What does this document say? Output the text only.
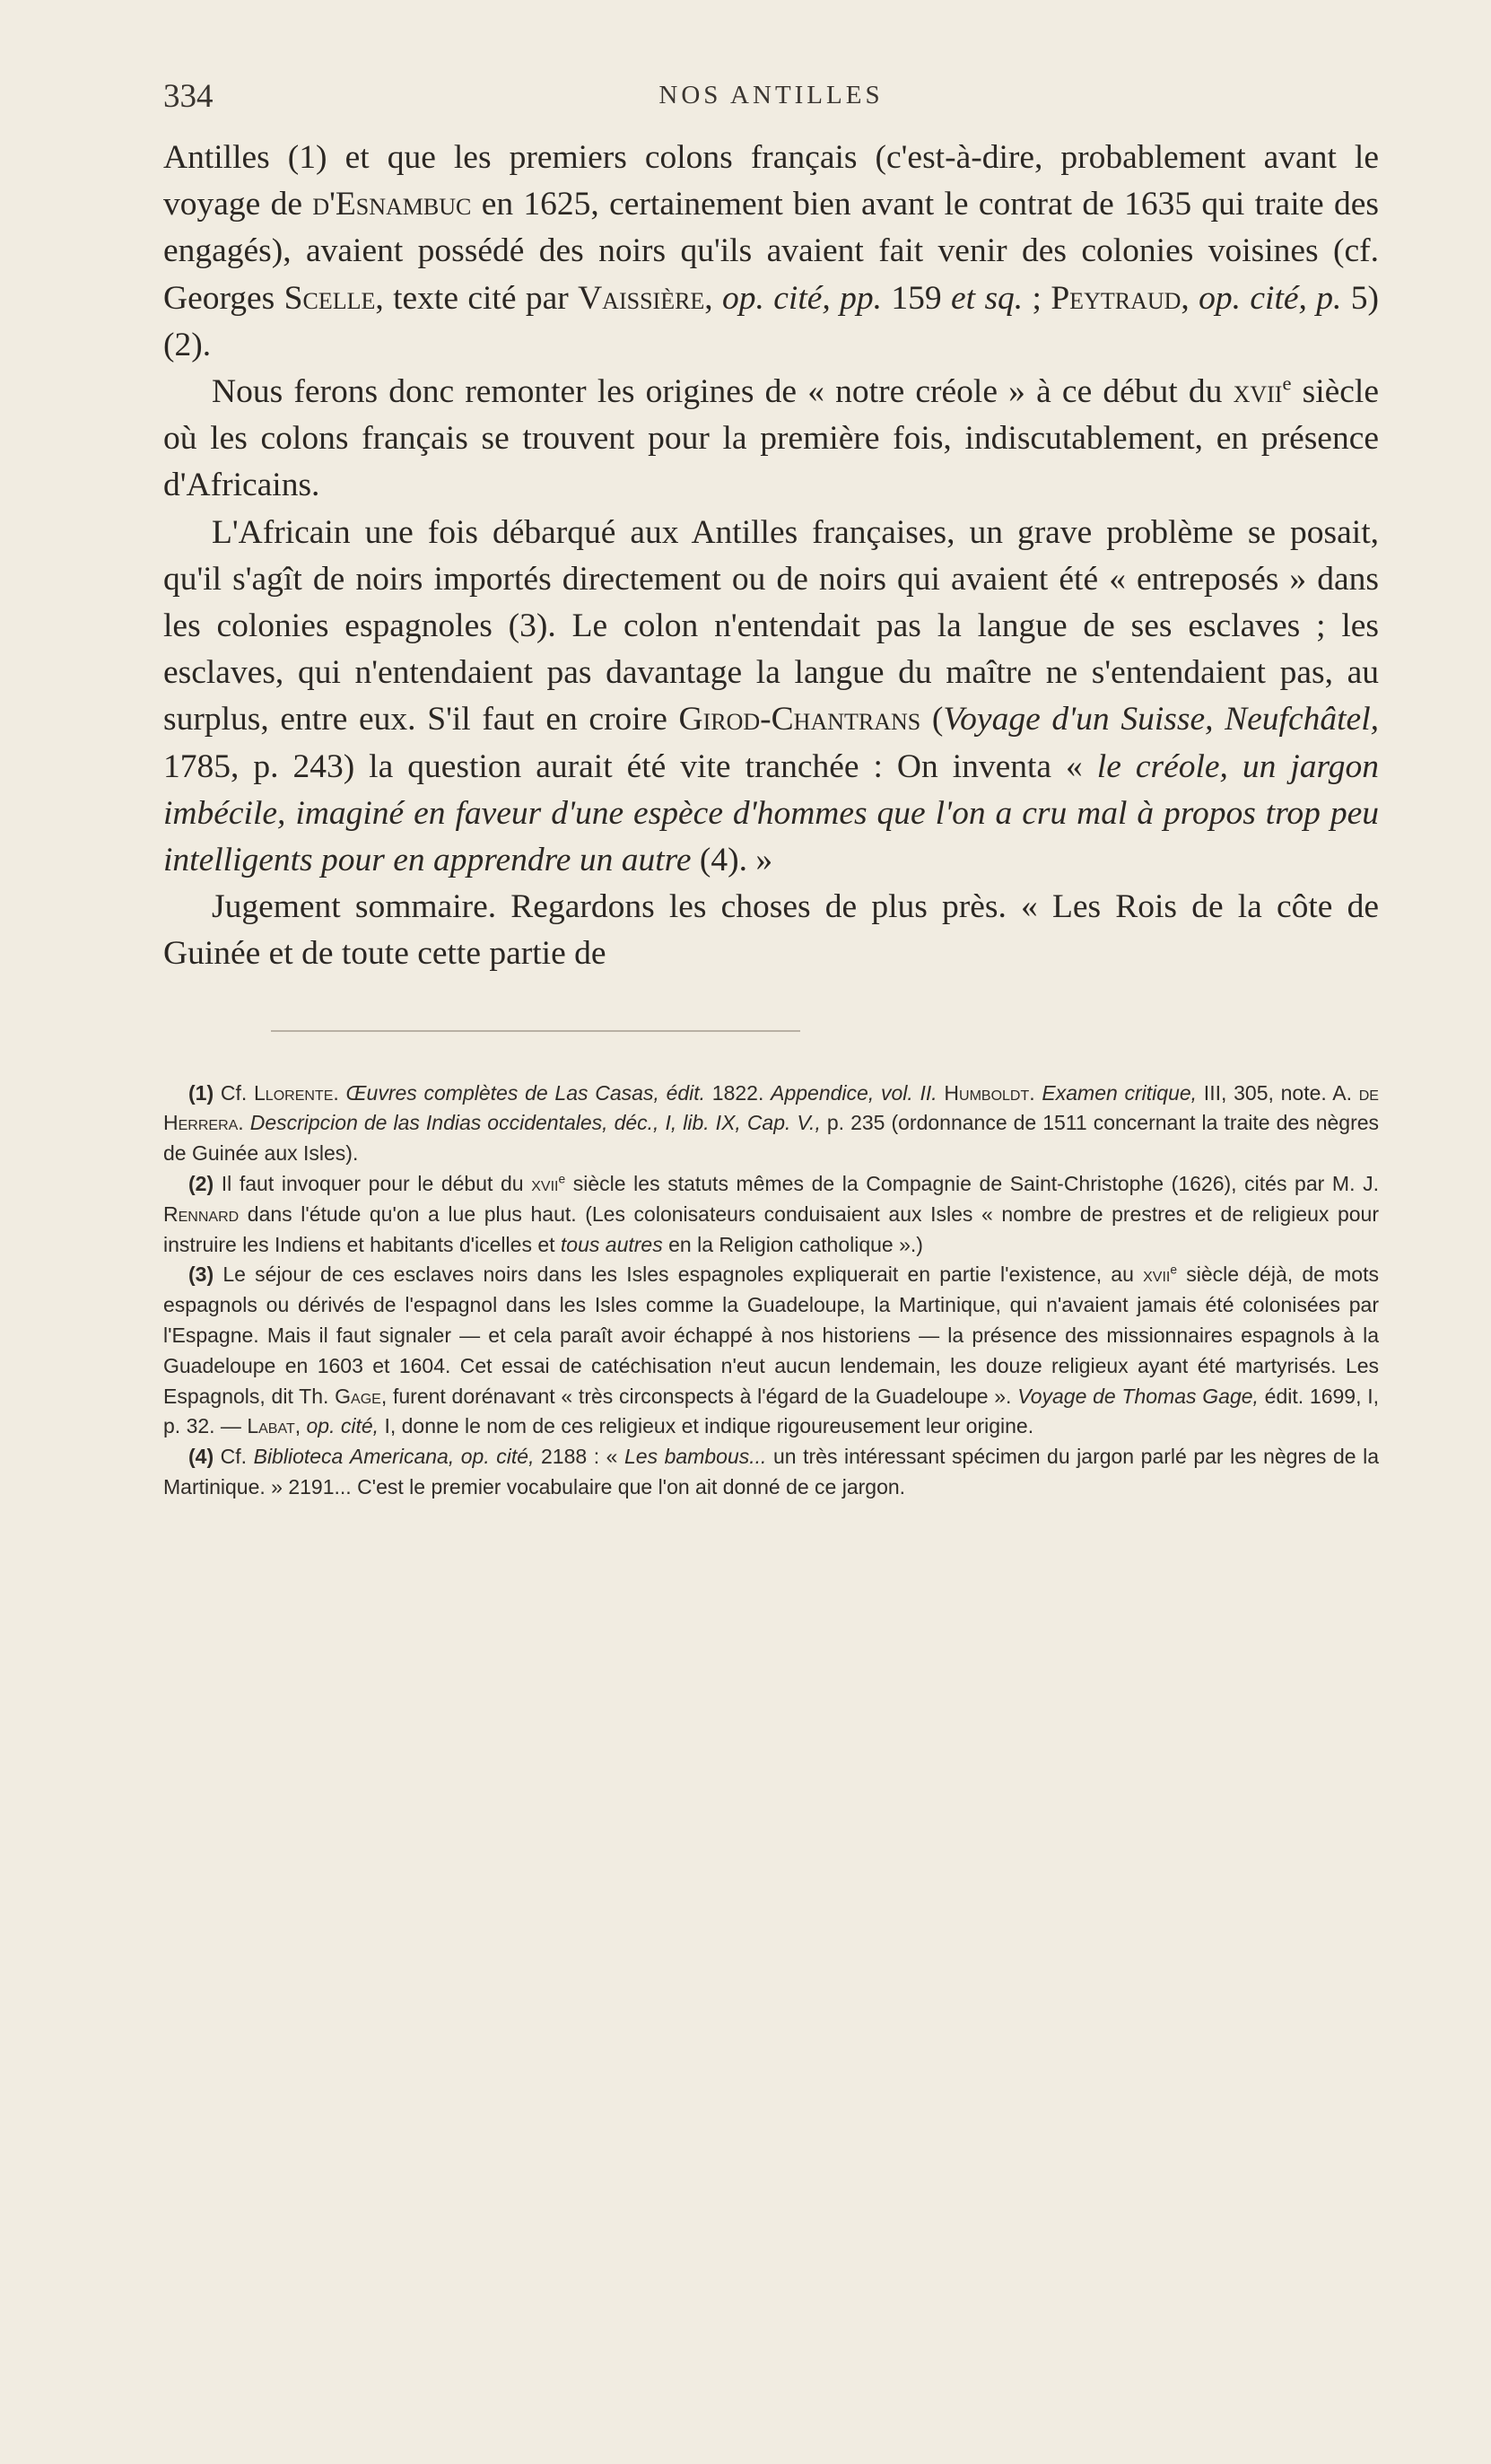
334	NOS ANTILLES

Antilles (1) et que les premiers colons français (c'est-à-dire, probablement avant le voyage de d'Esnambuc en 1625, certainement bien avant le contrat de 1635 qui traite des engagés), avaient possédé des noirs qu'ils avaient fait venir des colonies voisines (cf. Georges Scelle, texte cité par Vaissière, op. cité, pp. 159 et sq. ; Peytraud, op. cité, p. 5) (2).

Nous ferons donc remonter les origines de « notre créole » à ce début du xvii$^e$ siècle où les colons français se trouvent pour la première fois, indiscutablement, en présence d'Africains.

L'Africain une fois débarqué aux Antilles françaises, un grave problème se posait, qu'il s'agît de noirs importés directement ou de noirs qui avaient été « entreposés » dans les colonies espagnoles (3). Le colon n'entendait pas la langue de ses esclaves ; les esclaves, qui n'entendaient pas davantage la langue du maître ne s'entendaient pas, au surplus, entre eux. S'il faut en croire Girod-Chantrans (Voyage d'un Suisse, Neufchâtel, 1785, p. 243) la question aurait été vite tranchée : On inventa « le créole, un jargon imbécile, imaginé en faveur d'une espèce d'hommes que l'on a cru mal à propos trop peu intelligents pour en apprendre un autre (4). »

Jugement sommaire. Regardons les choses de plus près. « Les Rois de la côte de Guinée et de toute cette partie de

(1) Cf. Llorente. Œuvres complètes de Las Casas, édit. 1822. Appendice, vol. II. Humboldt. Examen critique, III, 305, note. A. de Herrera. Descripcion de las Indias occidentales, déc., I, lib. IX, Cap. V., p. 235 (ordonnance de 1511 concernant la traite des nègres de Guinée aux Isles).

(2) Il faut invoquer pour le début du xvii$^e$ siècle les statuts mêmes de la Compagnie de Saint-Christophe (1626), cités par M. J. Rennard dans l'étude qu'on a lue plus haut. (Les colonisateurs conduisaient aux Isles « nombre de prestres et de religieux pour instruire les Indiens et habitants d'icelles et tous autres en la Religion catholique ».)

(3) Le séjour de ces esclaves noirs dans les Isles espagnoles expliquerait en partie l'existence, au xvii$^e$ siècle déjà, de mots espagnols ou dérivés de l'espagnol dans les Isles comme la Guadeloupe, la Martinique, qui n'avaient jamais été colonisées par l'Espagne. Mais il faut signaler — et cela paraît avoir échappé à nos historiens — la présence des missionnaires espagnols à la Guadeloupe en 1603 et 1604. Cet essai de catéchisation n'eut aucun lendemain, les douze religieux ayant été martyrisés. Les Espagnols, dit Th. Gage, furent dorénavant « très circonspects à l'égard de la Guadeloupe ». Voyage de Thomas Gage, édit. 1699, I, p. 32. — Labat, op. cité, I, donne le nom de ces religieux et indique rigoureusement leur origine.

(4) Cf. Bibliotecа Americana, op. cité, 2188 : « Les bambous... un très intéressant spécimen du jargon parlé par les nègres de la Martinique. » 2191... C'est le premier vocabulaire que l'on ait donné de ce jargon.
